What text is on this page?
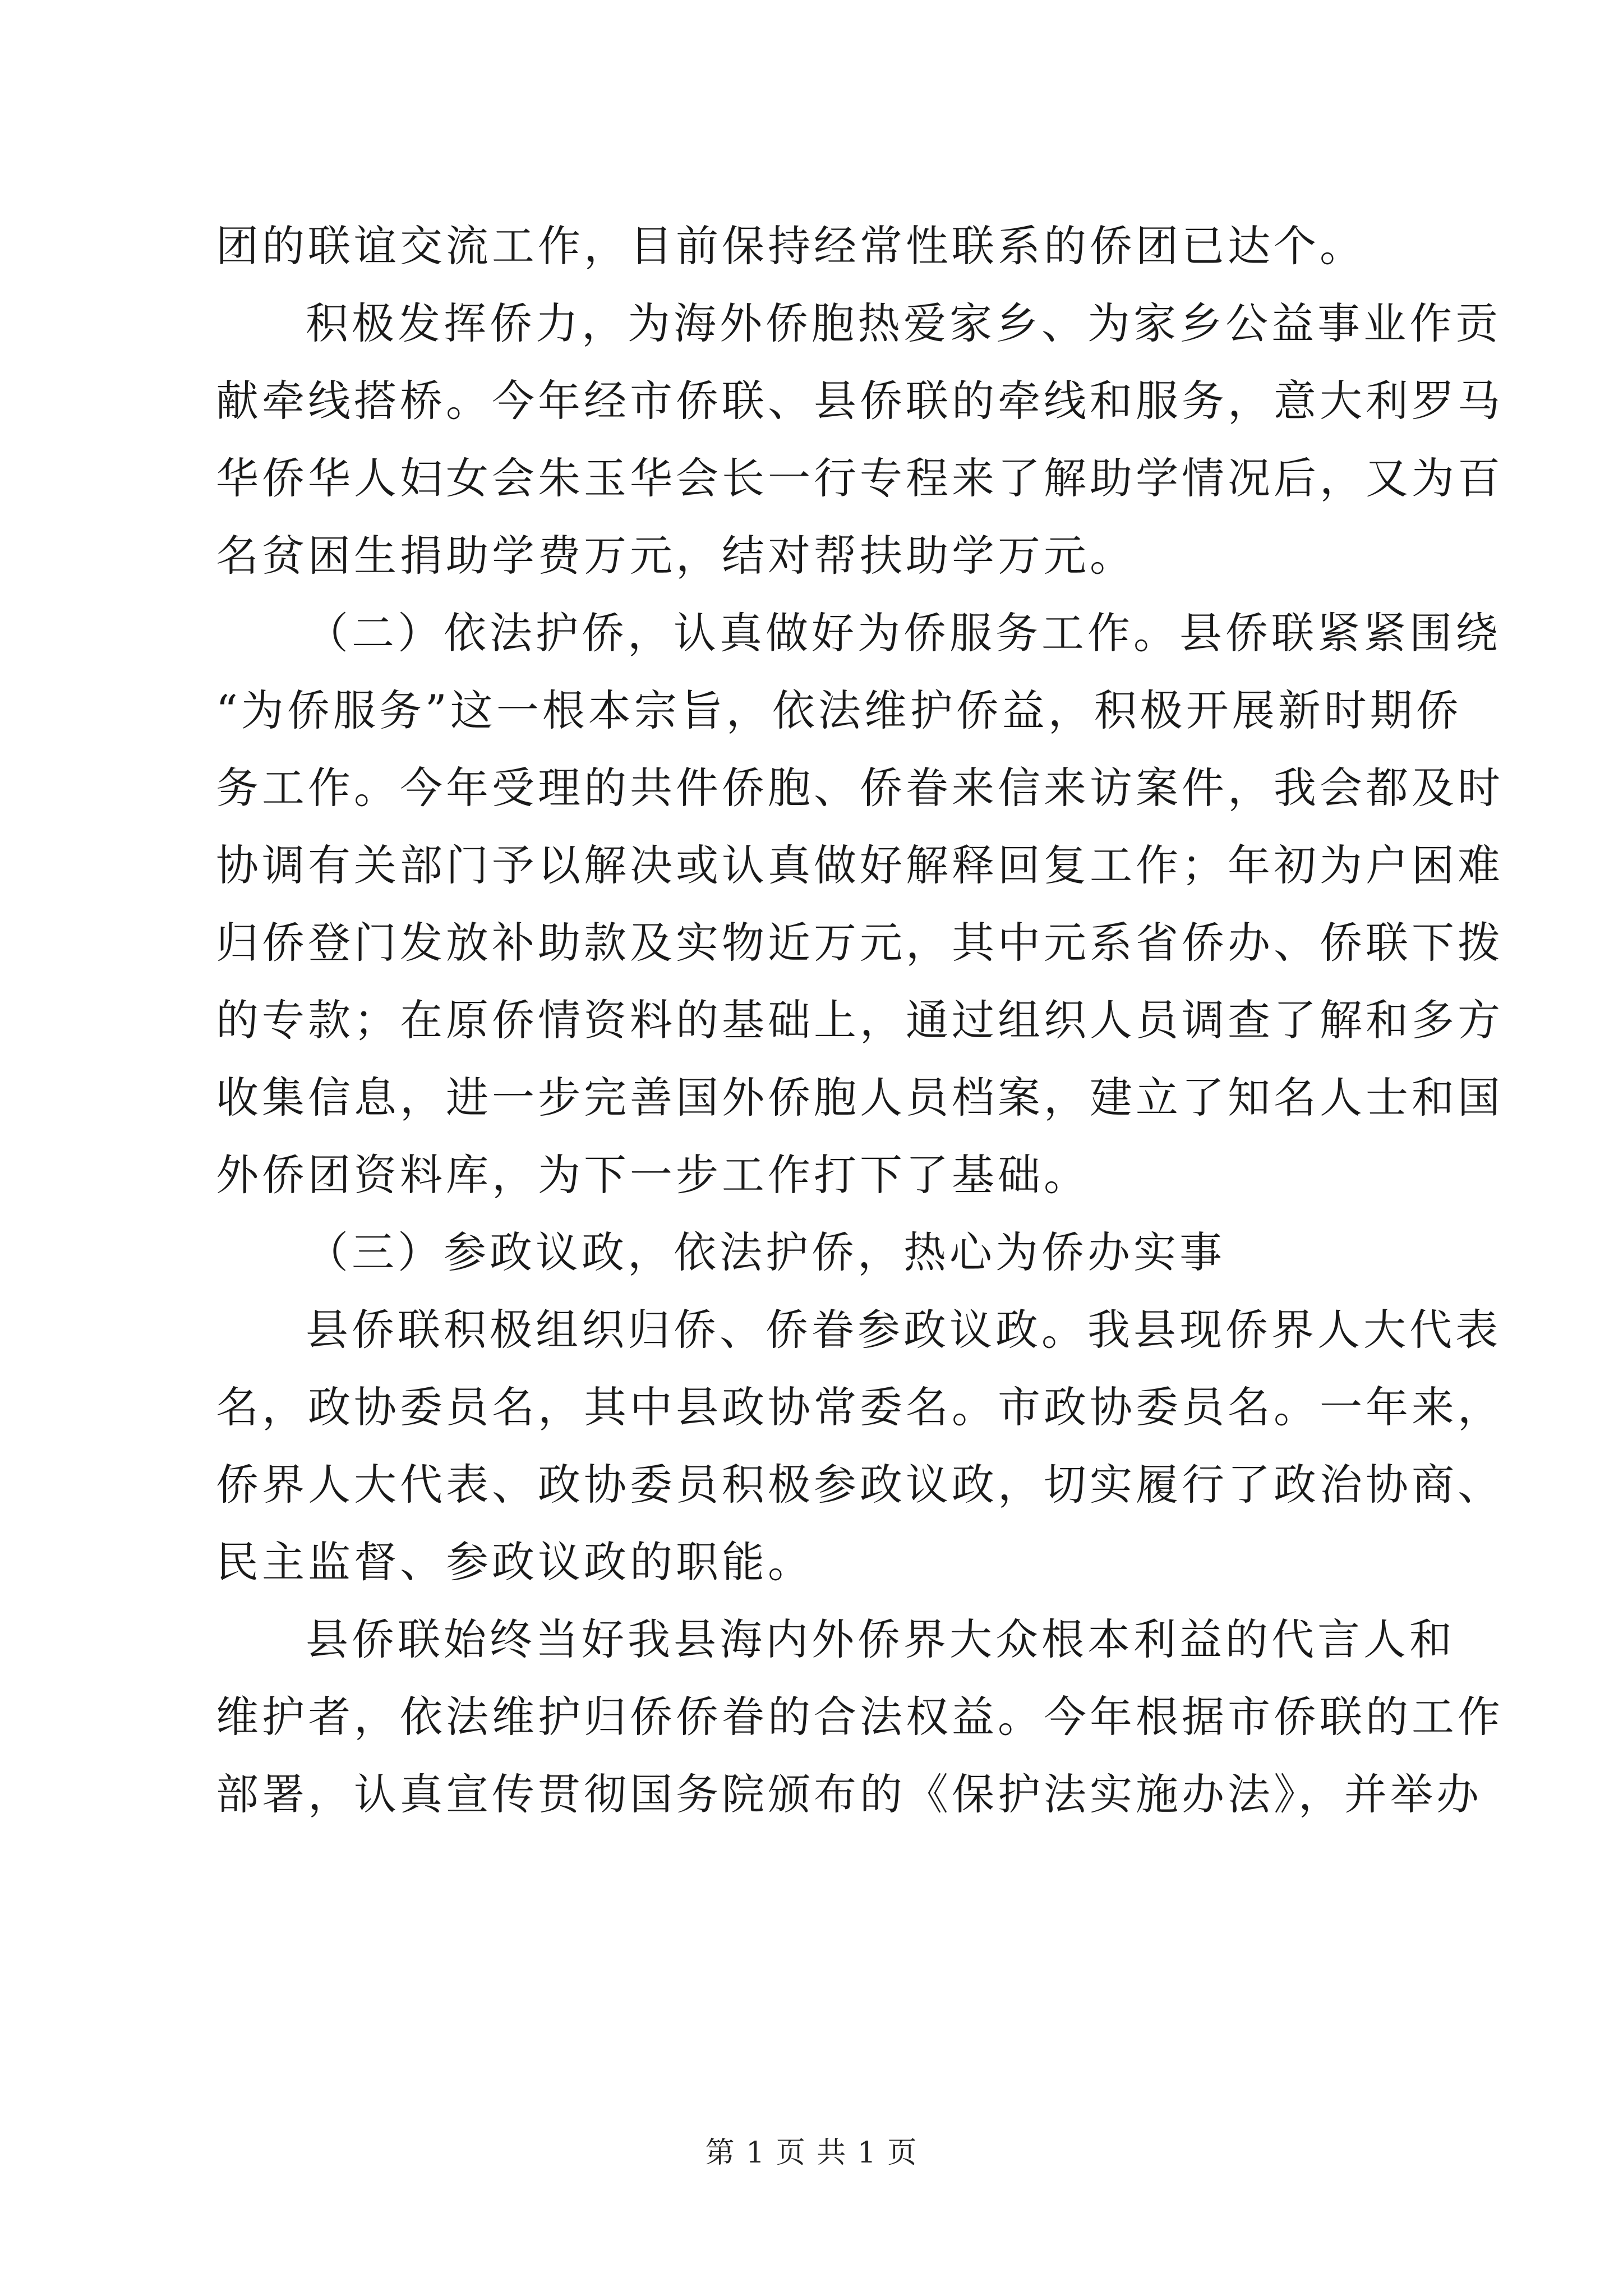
团的联谊交流工作，目前保持经常性联系的侨团已达个。
积极发挥侨力，为海外侨胞热爱家乡、为家乡公益事业作贡
献牵线搭桥。今年经市侨联、县侨联的牵线和服务，意大利罗马
华侨华人妇女会朱玉华会长一行专程来了解助学情况后，又为百
名贫困生捐助学费万元，结对帮扶助学万元。
（二）依法护侨，认真做好为侨服务工作。县侨联紧紧围绕
“为侨服务”这一根本宗旨，依法维护侨益，积极开展新时期侨
务工作。今年受理的共件侨胞、侨眷来信来访案件，我会都及时
协调有关部门予以解决或认真做好解释回复工作；年初为户困难
归侨登门发放补助款及实物近万元，其中元系省侨办、侨联下拨
的专款；在原侨情资料的基础上，通过组织人员调查了解和多方
收集信息，进一步完善国外侨胞人员档案，建立了知名人士和国
外侨团资料库，为下一步工作打下了基础。
（三）参政议政，依法护侨，热心为侨办实事
县侨联积极组织归侨、侨眷参政议政。我县现侨界人大代表
名，政协委员名，其中县政协常委名。市政协委员名。一年来，
侨界人大代表、政协委员积极参政议政，切实履行了政治协商、
民主监督、参政议政的职能。
县侨联始终当好我县海内外侨界大众根本利益的代言人和
维护者，依法维护归侨侨眷的合法权益。今年根据市侨联的工作
部署，认真宣传贯彻国务院颁布的《保护法实施办法》，并举办
第 1 页 共 1 页
